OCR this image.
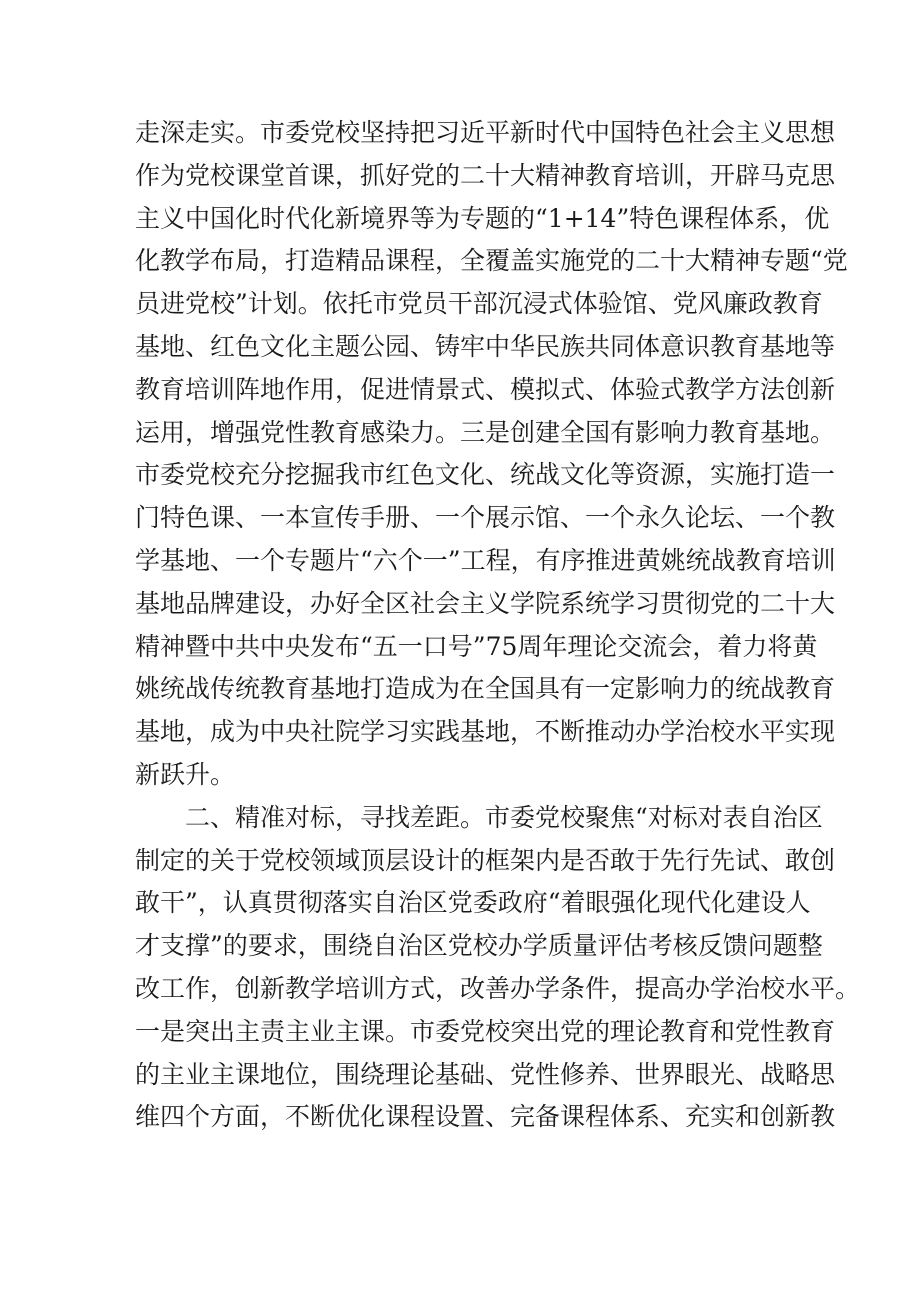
走深走实。市委党校坚持把习近平新时代中国特色社会主义思想
作为党校课堂首课，抓好党的二十大精神教育培训，开辟马克思
主义中国化时代化新境界等为专题的“1+14”特色课程体系，优
化教学布局，打造精品课程，全覆盖实施党的二十大精神专题“党
员进党校”计划。依托市党员干部沉浸式体验馆、党风廉政教育
基地、红色文化主题公园、铸牢中华民族共同体意识教育基地等
教育培训阵地作用，促进情景式、模拟式、体验式教学方法创新
运用，增强党性教育感染力。三是创建全国有影响力教育基地。
市委党校充分挖掘我市红色文化、统战文化等资源，实施打造一
门特色课、一本宣传手册、一个展示馆、一个永久论坛、一个教
学基地、一个专题片“六个一”工程，有序推进黄姚统战教育培训
基地品牌建设，办好全区社会主义学院系统学习贯彻党的二十大
精神暨中共中央发布“五一口号”75周年理论交流会，着力将黄
姚统战传统教育基地打造成为在全国具有一定影响力的统战教育
基地，成为中央社院学习实践基地，不断推动办学治校水平实现
新跃升。
二、精准对标，寻找差距。市委党校聚焦“对标对表自治区
制定的关于党校领域顶层设计的框架内是否敢于先行先试、敢创
敢干”，认真贯彻落实自治区党委政府“着眼强化现代化建设人
才支撑”的要求，围绕自治区党校办学质量评估考核反馈问题整
改工作，创新教学培训方式，改善办学条件，提高办学治校水平。
一是突出主责主业主课。市委党校突出党的理论教育和党性教育
的主业主课地位，围绕理论基础、党性修养、世界眼光、战略思
维四个方面，不断优化课程设置、完备课程体系、充实和创新教
